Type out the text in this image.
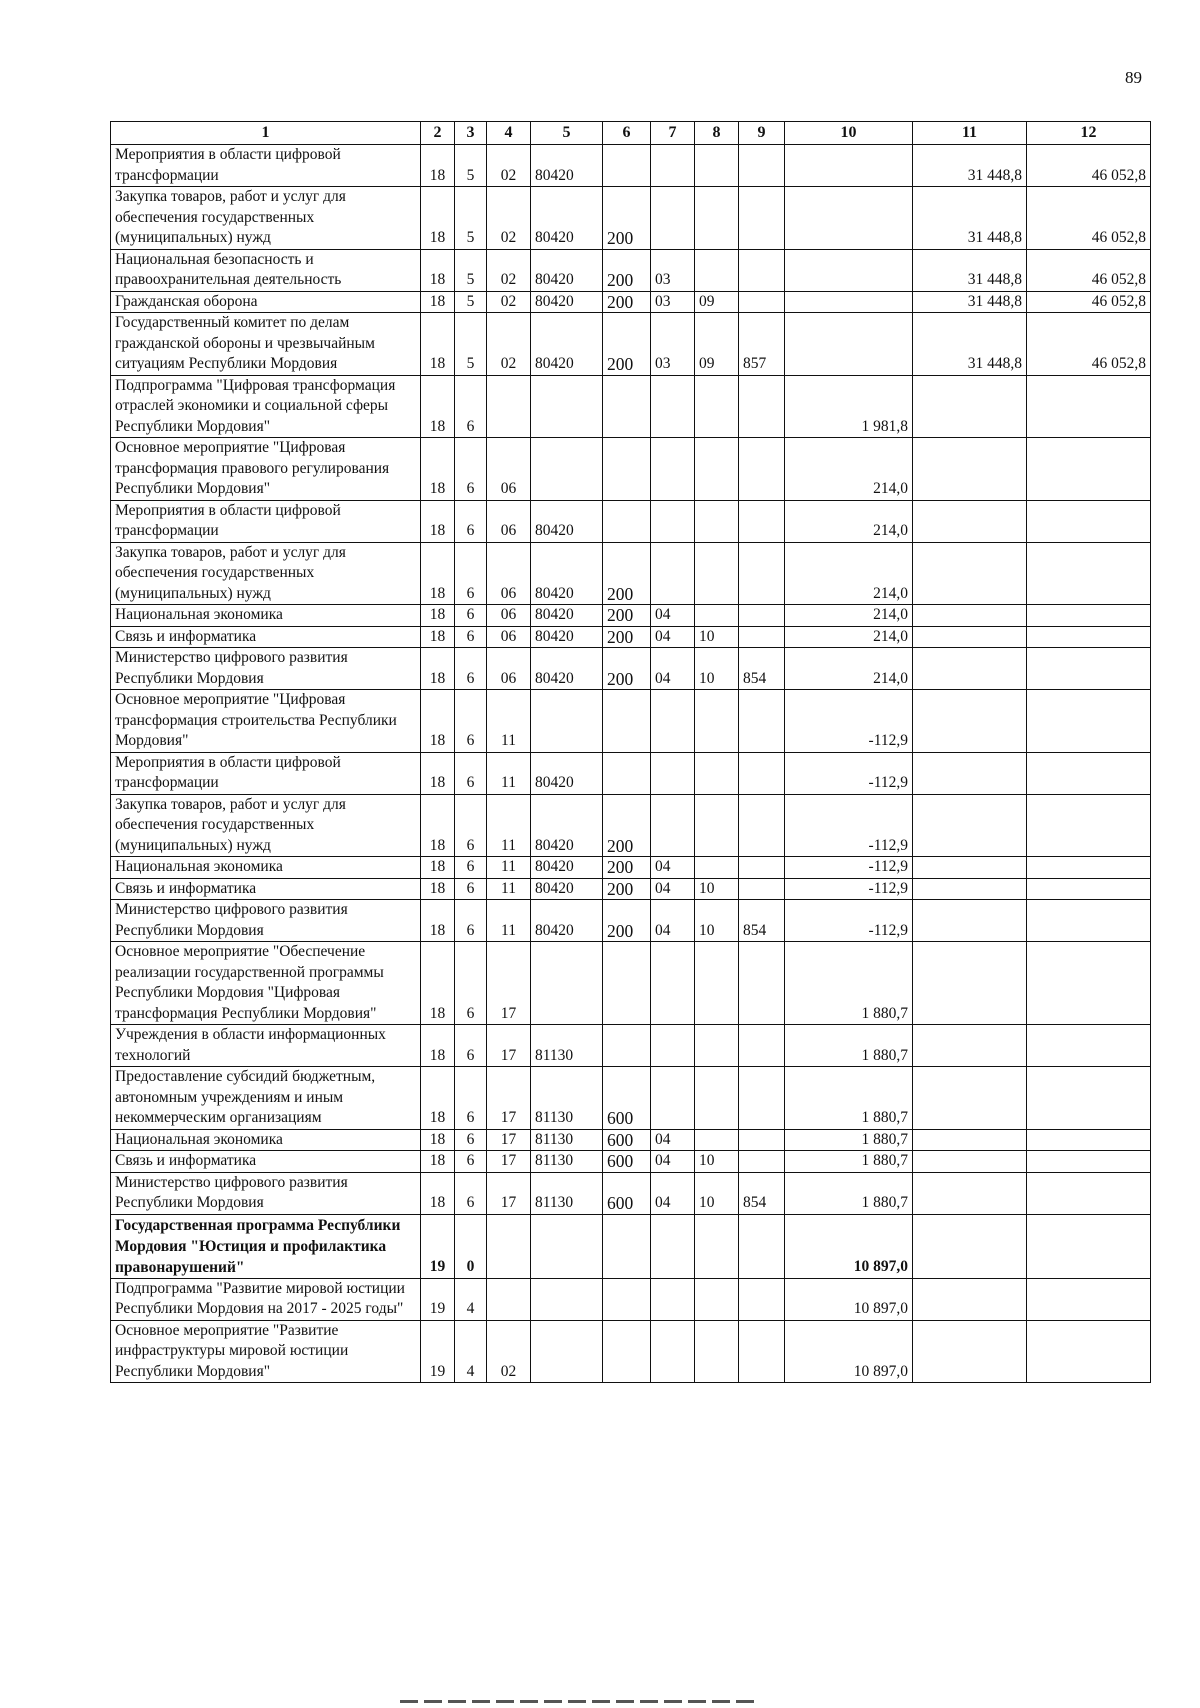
89
1	2	3	4	5	6	7	8	9	10	11	12
Мероприятия в области цифровой трансформации	18	5	02	80420						31 448,8	46 052,8
Закупка товаров, работ и услуг для обеспечения государственных (муниципальных) нужд	18	5	02	80420	200					31 448,8	46 052,8
Национальная безопасность и правоохранительная деятельность	18	5	02	80420	200	03				31 448,8	46 052,8
Гражданская оборона	18	5	02	80420	200	03	09			31 448,8	46 052,8
Государственный комитет по делам гражданской обороны и чрезвычайным ситуациям Республики Мордовия	18	5	02	80420	200	03	09	857		31 448,8	46 052,8
Подпрограмма "Цифровая трансформация отраслей экономики и социальной сферы Республики Мордовия"	18	6							1 981,8		
Основное мероприятие "Цифровая трансформация правового регулирования Республики Мордовия"	18	6	06						214,0		
Мероприятия в области цифровой трансформации	18	6	06	80420					214,0		
Закупка товаров, работ и услуг для обеспечения государственных (муниципальных) нужд	18	6	06	80420	200				214,0		
Национальная экономика	18	6	06	80420	200	04			214,0		
Связь и информатика	18	6	06	80420	200	04	10		214,0		
Министерство цифрового развития Республики Мордовия	18	6	06	80420	200	04	10	854	214,0		
Основное мероприятие "Цифровая трансформация строительства Республики Мордовия"	18	6	11						-112,9		
Мероприятия в области цифровой трансформации	18	6	11	80420					-112,9		
Закупка товаров, работ и услуг для обеспечения государственных (муниципальных) нужд	18	6	11	80420	200				-112,9		
Национальная экономика	18	6	11	80420	200	04			-112,9		
Связь и информатика	18	6	11	80420	200	04	10		-112,9		
Министерство цифрового развития Республики Мордовия	18	6	11	80420	200	04	10	854	-112,9		
Основное мероприятие "Обеспечение реализации государственной программы Республики Мордовия "Цифровая трансформация Республики Мордовия"	18	6	17						1 880,7		
Учреждения в области информационных технологий	18	6	17	81130					1 880,7		
Предоставление субсидий бюджетным, автономным учреждениям и иным некоммерческим организациям	18	6	17	81130	600				1 880,7		
Национальная экономика	18	6	17	81130	600	04			1 880,7		
Связь и информатика	18	6	17	81130	600	04	10		1 880,7		
Министерство цифрового развития Республики Мордовия	18	6	17	81130	600	04	10	854	1 880,7		
Государственная программа Республики Мордовия "Юстиция и профилактика правонарушений"	19	0							10 897,0		
Подпрограмма "Развитие мировой юстиции Республики Мордовия на 2017 - 2025 годы"	19	4							10 897,0		
Основное мероприятие "Развитие инфраструктуры мировой юстиции Республики Мордовия"	19	4	02						10 897,0		
